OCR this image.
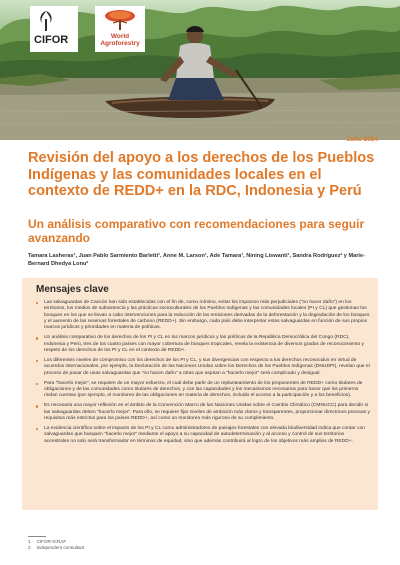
CIFOR	World Agroforestry
Julio 2024
Revisión del apoyo a los derechos de los Pueblos Indígenas y las comunidades locales en el contexto de REDD+ en la RDC, Indonesia y Perú
Un análisis comparativo con recomendaciones para seguir avanzando

Tamara Lasheras¹, Juan Pablo Sarmiento Barletti¹, Anne M. Larson¹, Ade Tamara¹, Nining Liswanti¹, Sandra Rodríguez² y Marie-Bernard Dhedya Lonu²

Mensajes clave
Las salvaguardas de Cancún han sido establecidas con el fin de, como mínimo, evitar los impactos más perjudiciales (“no hacer daño”) en los territorios, los medios de subsistencia y las prácticas socioculturales de los Pueblos Indígenas y las comunidades locales (PI y CL) que gestionan los bosques en los que se llevan a cabo intervenciones para la reducción de las emisiones derivadas de la deforestación y la degradación de los bosques y el aumento de las reservas forestales de carbono (REDD+). Sin embargo, cada país debe interpretar estas salvaguardas en función de sus propios marcos jurídicos y prioridades en materia de políticas.
Un análisis comparativo de los derechos de los PI y CL en los marcos jurídicos y las políticas de la República Democrática del Congo (RDC), Indonesia y Perú, tres de los cuatro países con mayor cobertura de bosques tropicales, revela la existencia de diversos grados de reconocimiento y respeto de los derechos de los PI y CL en el contexto de REDD+.
Los diferentes niveles de compromiso con los derechos de los PI y CL, y sus divergencias con respecto a los derechos reconocidos en virtud de acuerdos internacionales, por ejemplo, la Declaración de las Naciones Unidas sobre los Derechos de los Pueblos Indígenas (DNUDPI), revelan que el proceso de pasar de unas salvaguardas que “no hacen daño” a otras que aspiran a “hacerlo mejor” será complicado y desigual.
Para “hacerlo mejor”, se requiere de un mayor esfuerzo, el cual debe partir de un replanteamiento de los proponentes de REDD+ como titulares de obligaciones y de las comunidades como titulares de derechos, y con las capacidades y los mecanismos necesarios para hacer que los primeros rindan cuentas (por ejemplo, el monitoreo de las obligaciones en materia de derechos, incluido el acceso a la participación y a los beneficios).
Es necesaria una mayor reflexión en el ámbito de la Convención Marco de las Naciones Unidas sobre el Cambio Climático (CMNUCC) para decidir si las salvaguardas deben “hacerlo mejor”. Para ello, se requiere fijar niveles de ambición más claros y transparentes, proporcionar directrices precisas y requisitos más estrictos para los países REDD+, así como un monitoreo más riguroso de su cumplimiento.
La evidencia científica sobre el impacto de los PI y CL como administradores de paisajes forestales con elevada biodiversidad indica que contar con salvaguardas que busquen “hacerlo mejor” mediante el apoyo a su capacidad de autodeterminación y al acceso y control de sus territorios ancestrales no solo será transformador en términos de equidad, sino que además contribuirá al logro de los objetivos más amplios de REDD+.
1 CIFOR-ICRAF
2 Independent consultant
